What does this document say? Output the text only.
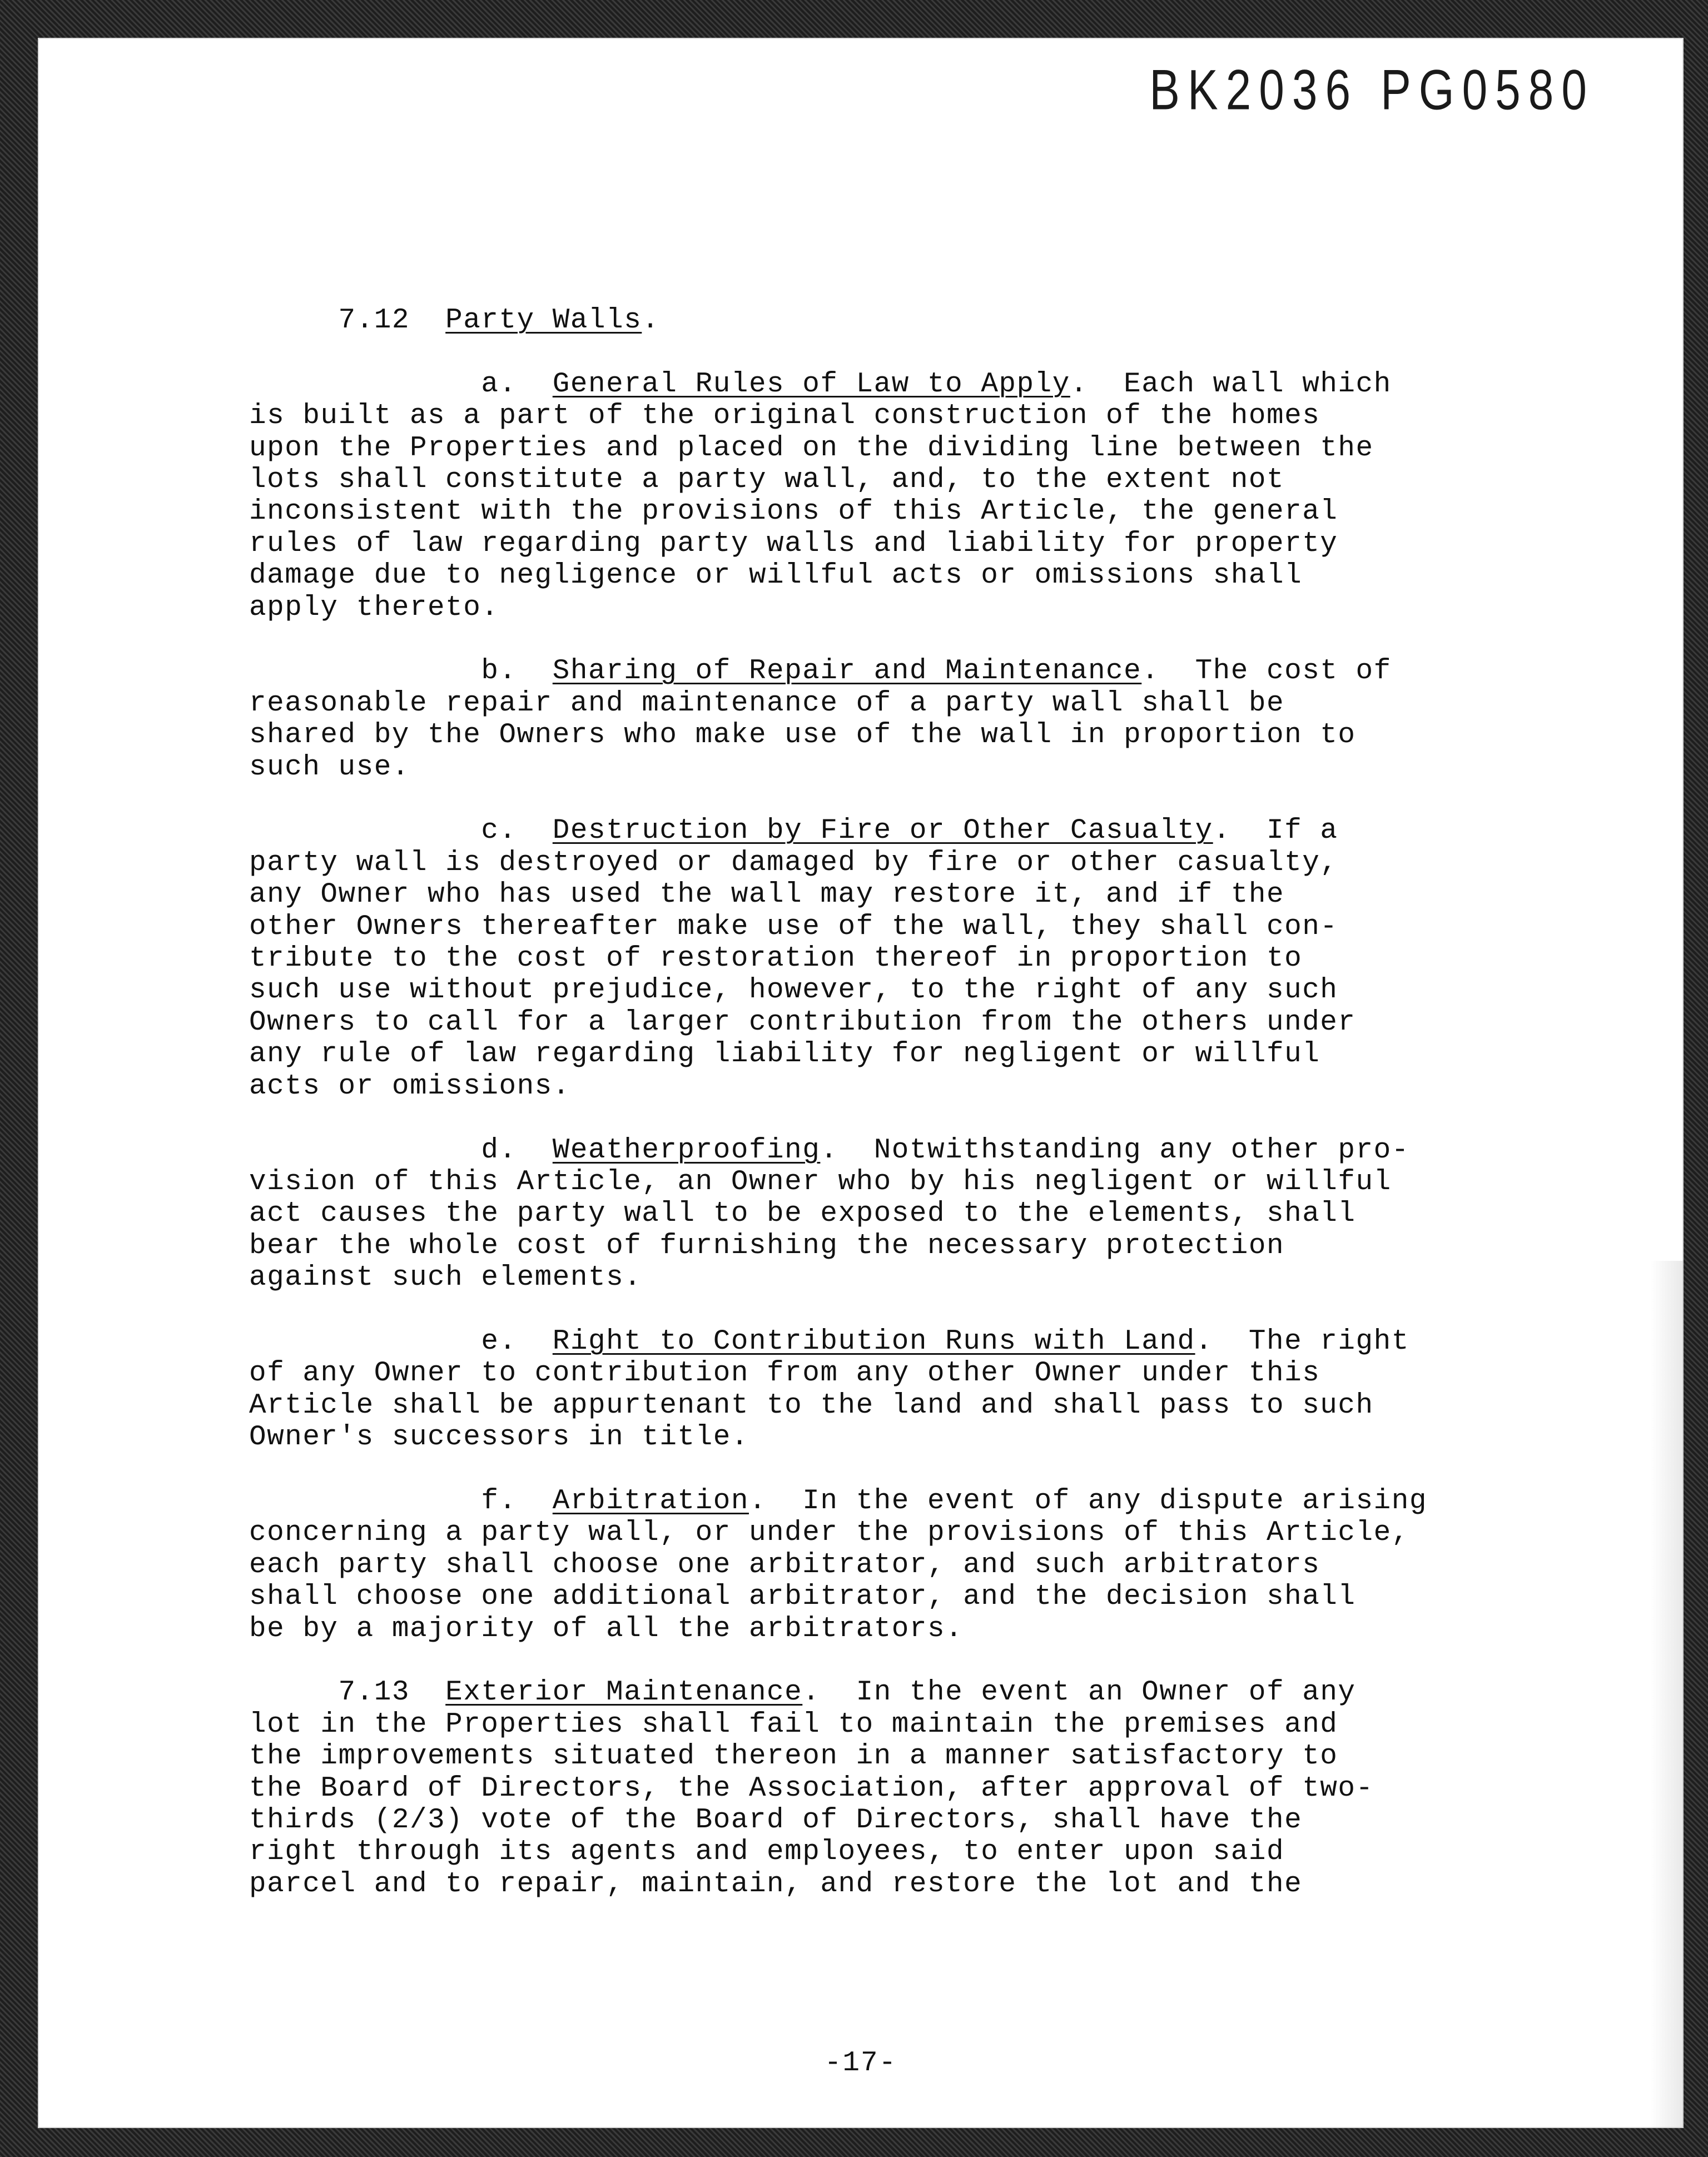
BK2036 PG0580
7.12  Party Walls.
a.  General Rules of Law to Apply.  Each wall which
is built as a part of the original construction of the homes
upon the Properties and placed on the dividing line between the
lots shall constitute a party wall, and, to the extent not
inconsistent with the provisions of this Article, the general
rules of law regarding party walls and liability for property
damage due to negligence or willful acts or omissions shall
apply thereto.
b.  Sharing of Repair and Maintenance.  The cost of
reasonable repair and maintenance of a party wall shall be
shared by the Owners who make use of the wall in proportion to
such use.
c.  Destruction by Fire or Other Casualty.  If a
party wall is destroyed or damaged by fire or other casualty,
any Owner who has used the wall may restore it, and if the
other Owners thereafter make use of the wall, they shall con-
tribute to the cost of restoration thereof in proportion to
such use without prejudice, however, to the right of any such
Owners to call for a larger contribution from the others under
any rule of law regarding liability for negligent or willful
acts or omissions.
d.  Weatherproofing.  Notwithstanding any other pro-
vision of this Article, an Owner who by his negligent or willful
act causes the party wall to be exposed to the elements, shall
bear the whole cost of furnishing the necessary protection
against such elements.
e.  Right to Contribution Runs with Land.  The right
of any Owner to contribution from any other Owner under this
Article shall be appurtenant to the land and shall pass to such
Owner's successors in title.
f.  Arbitration.  In the event of any dispute arising
concerning a party wall, or under the provisions of this Article,
each party shall choose one arbitrator, and such arbitrators
shall choose one additional arbitrator, and the decision shall
be by a majority of all the arbitrators.
7.13  Exterior Maintenance.  In the event an Owner of any
lot in the Properties shall fail to maintain the premises and
the improvements situated thereon in a manner satisfactory to
the Board of Directors, the Association, after approval of two-
thirds (2/3) vote of the Board of Directors, shall have the
right through its agents and employees, to enter upon said
parcel and to repair, maintain, and restore the lot and the
-17-
